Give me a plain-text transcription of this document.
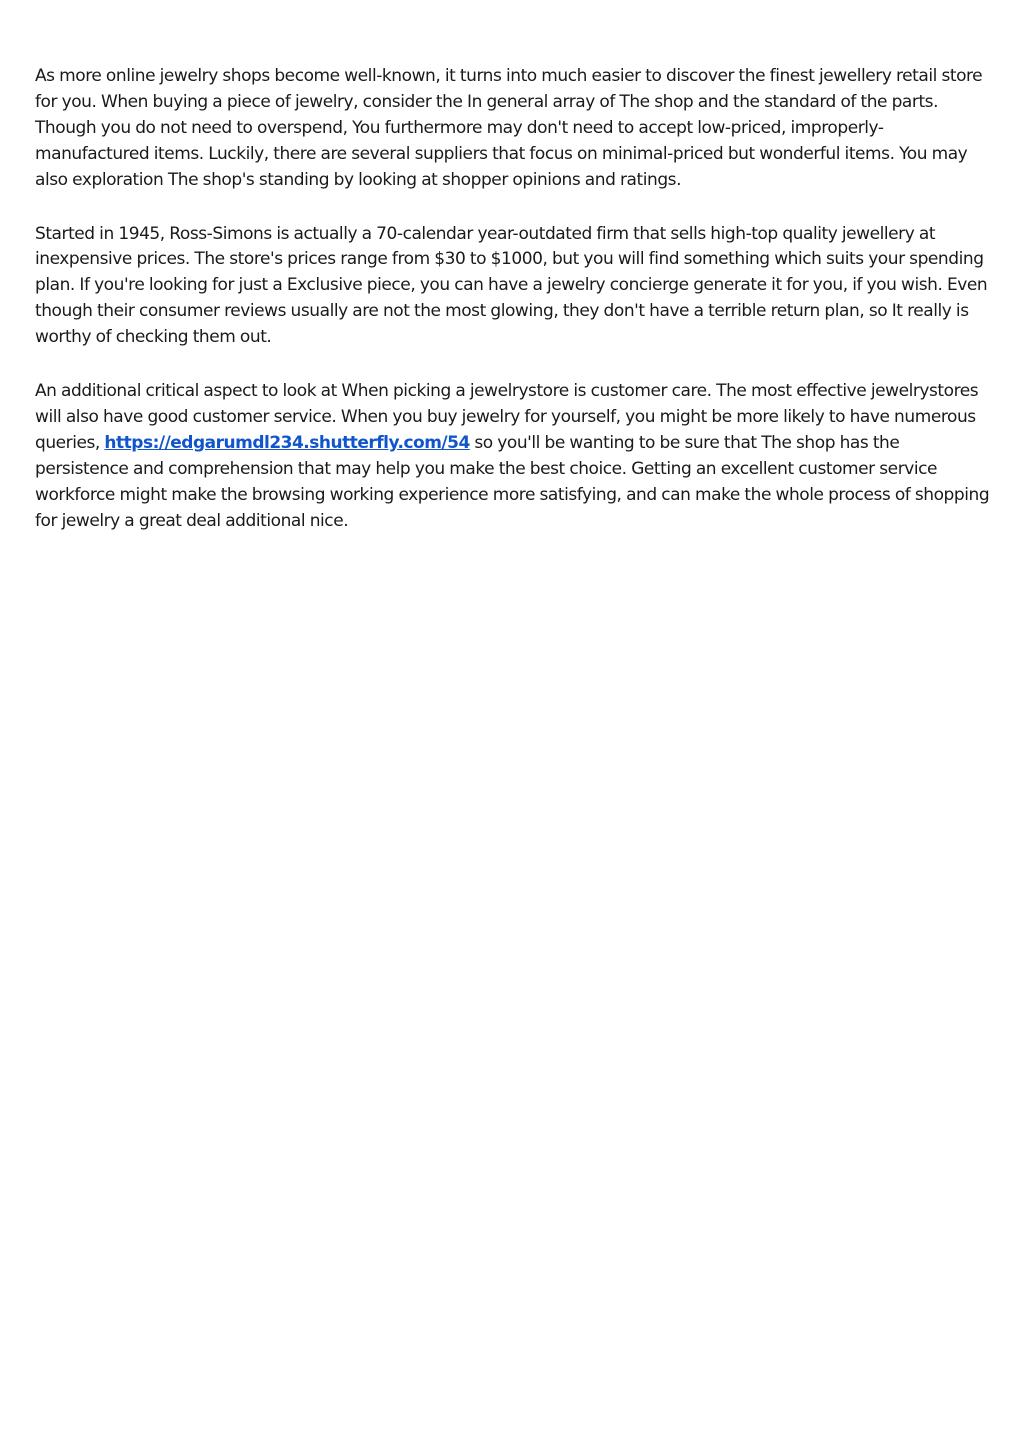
As more online jewelry shops become well-known, it turns into much easier to discover the finest jewellery retail store for you. When buying a piece of jewelry, consider the In general array of The shop and the standard of the parts. Though you do not need to overspend, You furthermore may don't need to accept low-priced, improperly-manufactured items. Luckily, there are several suppliers that focus on minimal-priced but wonderful items. You may also exploration The shop's standing by looking at shopper opinions and ratings.

Started in 1945, Ross-Simons is actually a 70-calendar year-outdated firm that sells high-top quality jewellery at inexpensive prices. The store's prices range from $30 to $1000, but you will find something which suits your spending plan. If you're looking for just a Exclusive piece, you can have a jewelry concierge generate it for you, if you wish. Even though their consumer reviews usually are not the most glowing, they don't have a terrible return plan, so It really is worthy of checking them out.

An additional critical aspect to look at When picking a jewelrystore is customer care. The most effective jewelrystores will also have good customer service. When you buy jewelry for yourself, you might be more likely to have numerous queries, https://edgarumdl234.shutterfly.com/54 so you'll be wanting to be sure that The shop has the persistence and comprehension that may help you make the best choice. Getting an excellent customer service workforce might make the browsing working experience more satisfying, and can make the whole process of shopping for jewelry a great deal additional nice.
